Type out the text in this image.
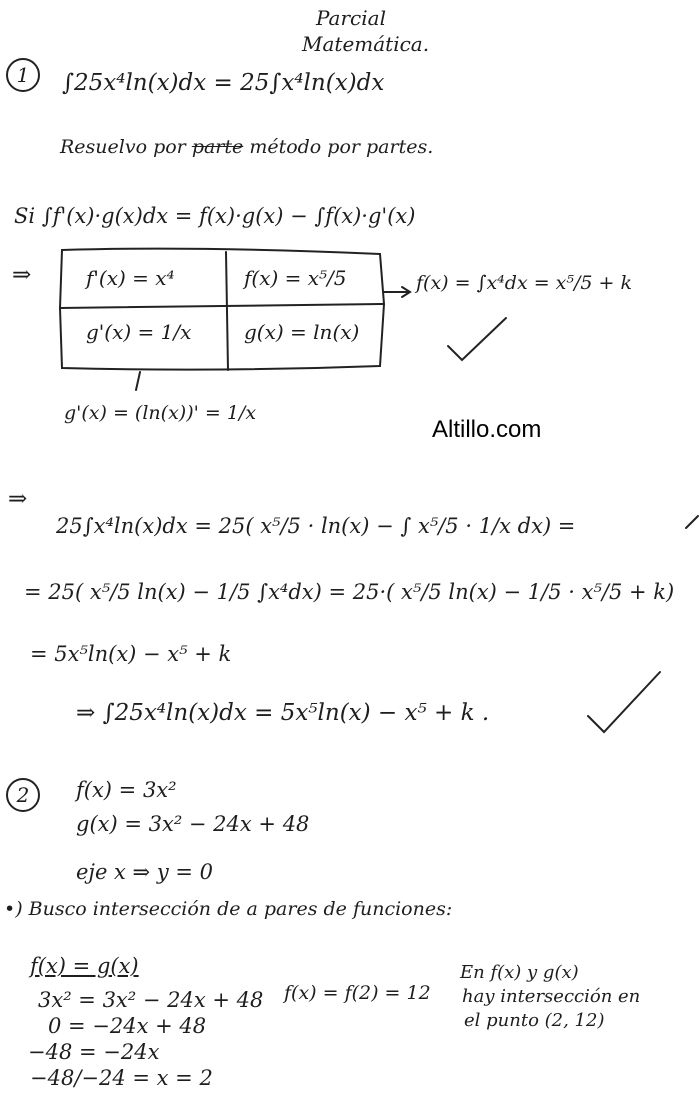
Parcial
Matemática.
1	∫25x⁴ln(x)dx = 25∫x⁴ln(x)dx
Resuelvo por parte método por partes.
Si ∫f'(x)·g(x)dx = f(x)·g(x) − ∫f(x)·g'(x)
⇒	f'(x) = x⁴	f(x) = x⁵/5
g'(x) = 1/x	g(x) = ln(x)
f(x) = ∫x⁴dx = x⁵/5 + k
g'(x) = (ln(x))' = 1/x
Altillo.com
⇒
25∫x⁴ln(x)dx = 25( x⁵/5 · ln(x) − ∫ x⁵/5 · 1/x dx) =
= 25( x⁵/5 ln(x) − 1/5 ∫x⁴dx) = 25·( x⁵/5 ln(x) − 1/5 · x⁵/5 + k)
= 5x⁵ln(x) − x⁵ + k
⇒ ∫25x⁴ln(x)dx = 5x⁵ln(x) − x⁵ + k .
2	f(x) = 3x²
g(x) = 3x² − 24x + 48
eje x ⇒ y = 0
•) Busco intersección de a pares de funciones:
f(x) = g(x)
3x² = 3x² − 24x + 48
0 = −24x + 48
−48 = −24x
−48/−24 = x = 2
f(x) = f(2) = 12
En f(x) y g(x)
hay intersección en
el punto (2, 12)
